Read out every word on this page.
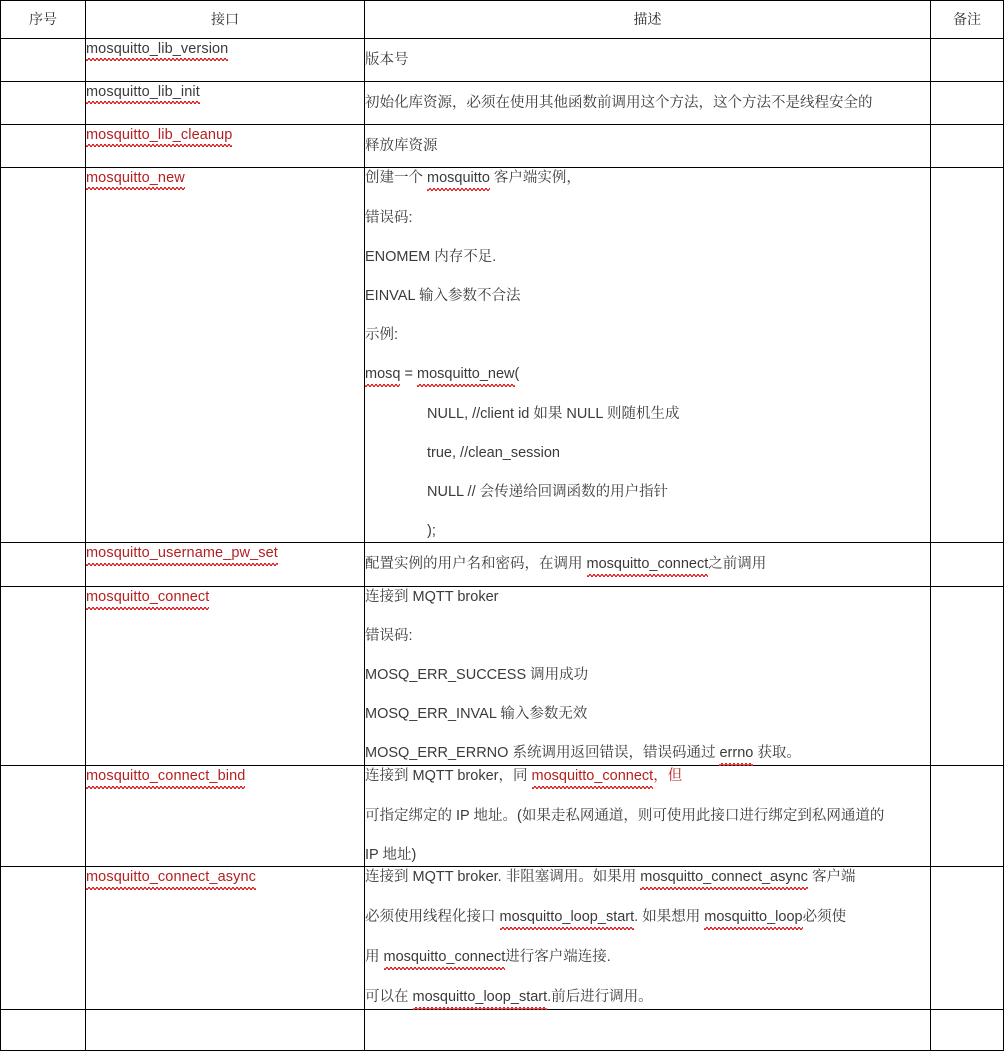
序号	接口	描述	备注
	mosquitto_lib_version	版本号	

	mosquitto_lib_init	初始化库资源，必须在使用其他函数前调用这个方法，这个方法不是线程安全的	

	mosquitto_lib_cleanup	释放库资源	

	mosquitto_new	创建一个 mosquitto 客户端实例，
错误码:
ENOMEM 内存不足.
EINVAL 输入参数不合法
示例:
mosq = mosquitto_new(
NULL, //client id 如果 NULL 则随机生成
true, //clean_session
NULL // 会传递给回调函数的用户指针
);

	mosquitto_username_pw_set	配置实例的用户名和密码，在调用 mosquitto_connect之前调用	

	mosquitto_connect	连接到 MQTT broker
错误码:
MOSQ_ERR_SUCCESS 调用成功
MOSQ_ERR_INVAL 输入参数无效
MOSQ_ERR_ERRNO 系统调用返回错误，错误码通过 errno 获取。	

	mosquitto_connect_bind	连接到 MQTT broker，同 mosquitto_connect，但
可指定绑定的 IP 地址。(如果走私网通道，则可使用此接口进行绑定到私网通道的
IP 地址)	

	mosquitto_connect_async	连接到 MQTT broker. 非阻塞调用。如果用 mosquitto_connect_async 客户端
必须使用线程化接口 mosquitto_loop_start. 如果想用 mosquitto_loop必须使
用 mosquitto_connect进行客户端连接.
可以在 mosquitto_loop_start.前后进行调用。	
